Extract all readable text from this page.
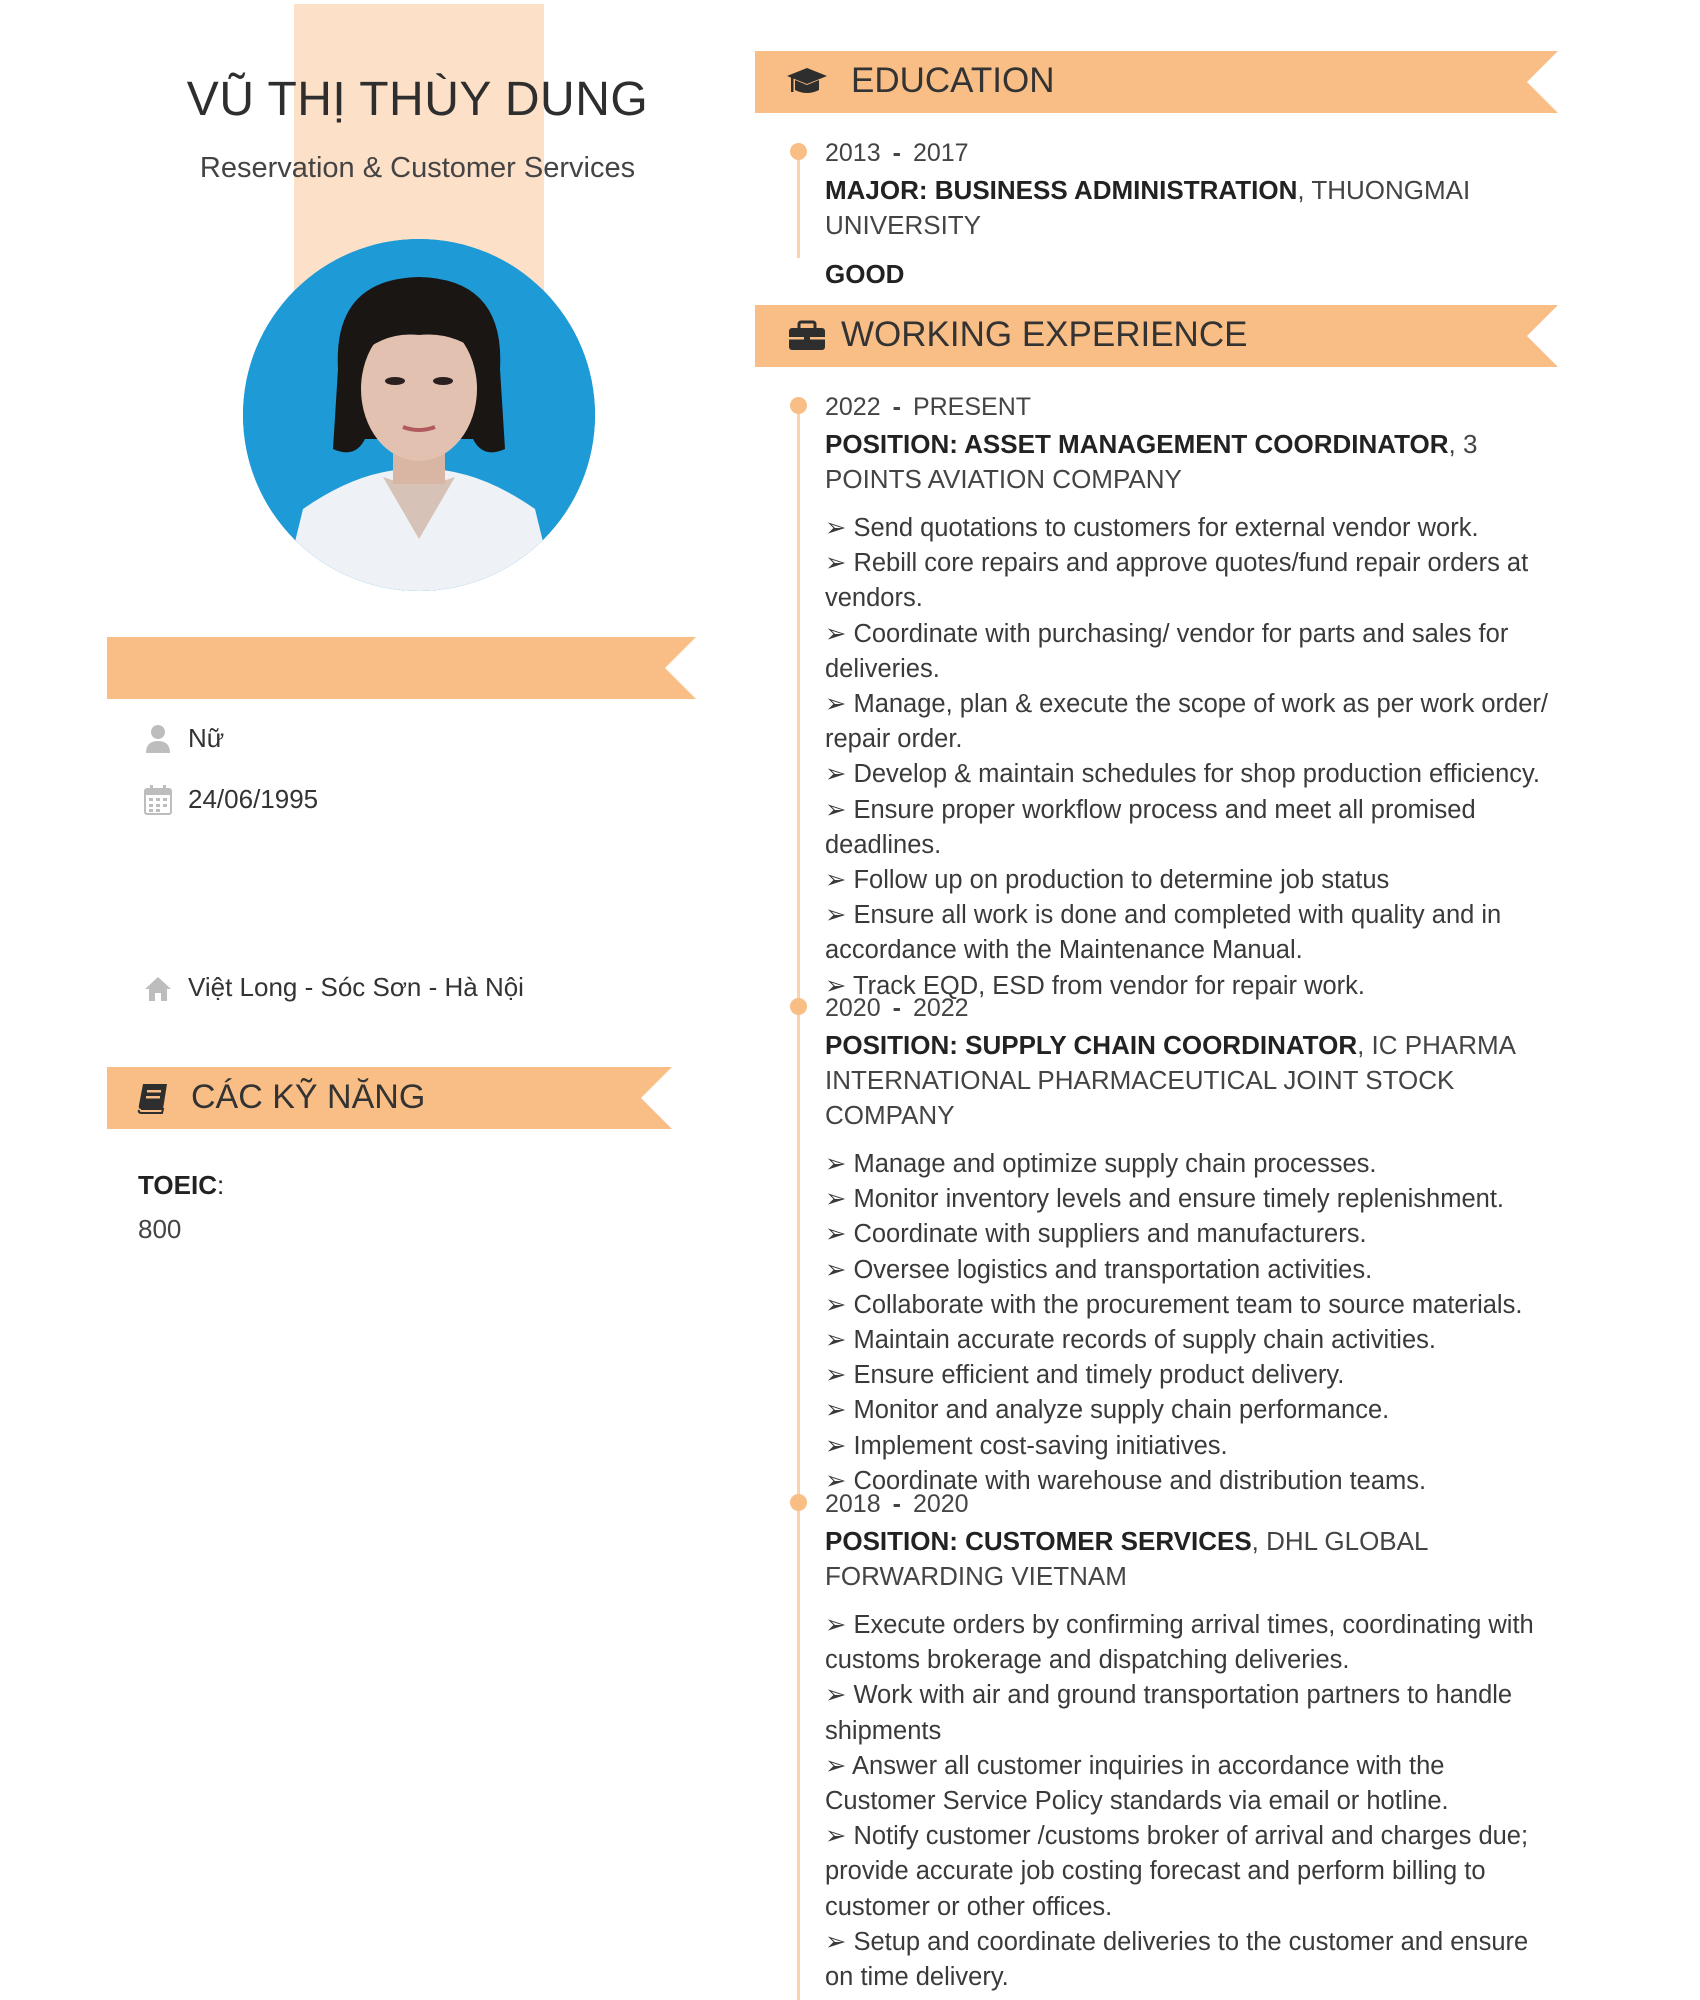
VŨ THỊ THÙY DUNG
Reservation & Customer Services
Nữ
24/06/1995
Việt Long - Sóc Sơn - Hà Nội
CÁC KỸ NĂNG
TOEIC:
800
EDUCATION
2013 - 2017
MAJOR: BUSINESS ADMINISTRATION, THUONGMAI UNIVERSITY
GOOD
WORKING EXPERIENCE
2022 - PRESENT
POSITION: ASSET MANAGEMENT COORDINATOR, 3 POINTS AVIATION COMPANY
➢ Send quotations to customers for external vendor work.
➢ Rebill core repairs and approve quotes/fund repair orders at vendors.
➢ Coordinate with purchasing/ vendor for parts and sales for deliveries.
➢ Manage, plan & execute the scope of work as per work order/ repair order.
➢ Develop & maintain schedules for shop production efficiency.
➢ Ensure proper workflow process and meet all promised deadlines.
➢ Follow up on production to determine job status
➢ Ensure all work is done and completed with quality and in accordance with the Maintenance Manual.
➢ Track EQD, ESD from vendor for repair work.
2020 - 2022
POSITION: SUPPLY CHAIN COORDINATOR, IC PHARMA INTERNATIONAL PHARMACEUTICAL JOINT STOCK COMPANY
➢ Manage and optimize supply chain processes.
➢ Monitor inventory levels and ensure timely replenishment.
➢ Coordinate with suppliers and manufacturers.
➢ Oversee logistics and transportation activities.
➢ Collaborate with the procurement team to source materials.
➢ Maintain accurate records of supply chain activities.
➢ Ensure efficient and timely product delivery.
➢ Monitor and analyze supply chain performance.
➢ Implement cost-saving initiatives.
➢ Coordinate with warehouse and distribution teams.
2018 - 2020
POSITION: CUSTOMER SERVICES, DHL GLOBAL FORWARDING VIETNAM
➢ Execute orders by confirming arrival times, coordinating with customs brokerage and dispatching deliveries.
➢ Work with air and ground transportation partners to handle shipments
➢ Answer all customer inquiries in accordance with the Customer Service Policy standards via email or hotline.
➢ Notify customer /customs broker of arrival and charges due; provide accurate job costing forecast and perform billing to customer or other offices.
➢ Setup and coordinate deliveries to the customer and ensure on time delivery.
